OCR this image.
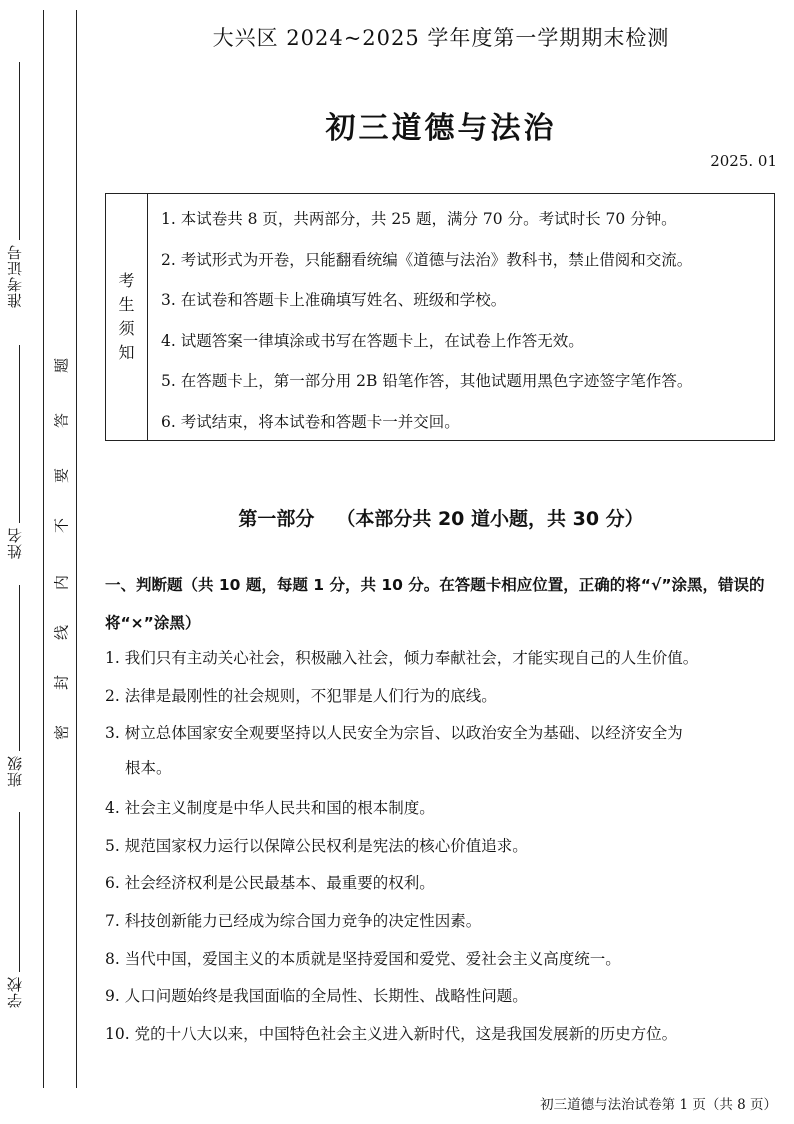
准考证号
姓名
班级
学校
密
封
线
内
不
要
答
题
大兴区 2024~2025 学年度第一学期期末检测
初三道德与法治
2025. 01
考
生
须
知
1. 本试卷共 8 页，共两部分，共 25 题，满分 70 分。考试时长 70 分钟。
2. 考试形式为开卷，只能翻看统编《道德与法治》教科书，禁止借阅和交流。
3. 在试卷和答题卡上准确填写姓名、班级和学校。
4. 试题答案一律填涂或书写在答题卡上，在试卷上作答无效。
5. 在答题卡上，第一部分用 2B 铅笔作答，其他试题用黑色字迹签字笔作答。
6. 考试结束，将本试卷和答题卡一并交回。
第一部分 （本部分共 20 道小题，共 30 分）
一、判断题（共 10 题，每题 1 分，共 10 分。在答题卡相应位置，正确的将“√”涂黑，错误的将“×”涂黑）
1. 我们只有主动关心社会，积极融入社会，倾力奉献社会，才能实现自己的人生价值。
2. 法律是最刚性的社会规则，不犯罪是人们行为的底线。
3. 树立总体国家安全观要坚持以人民安全为宗旨、以政治安全为基础、以经济安全为
根本。
4. 社会主义制度是中华人民共和国的根本制度。
5. 规范国家权力运行以保障公民权利是宪法的核心价值追求。
6. 社会经济权利是公民最基本、最重要的权利。
7. 科技创新能力已经成为综合国力竞争的决定性因素。
8. 当代中国，爱国主义的本质就是坚持爱国和爱党、爱社会主义高度统一。
9. 人口问题始终是我国面临的全局性、长期性、战略性问题。
10. 党的十八大以来，中国特色社会主义进入新时代，这是我国发展新的历史方位。
初三道德与法治试卷第 1 页（共 8 页）
